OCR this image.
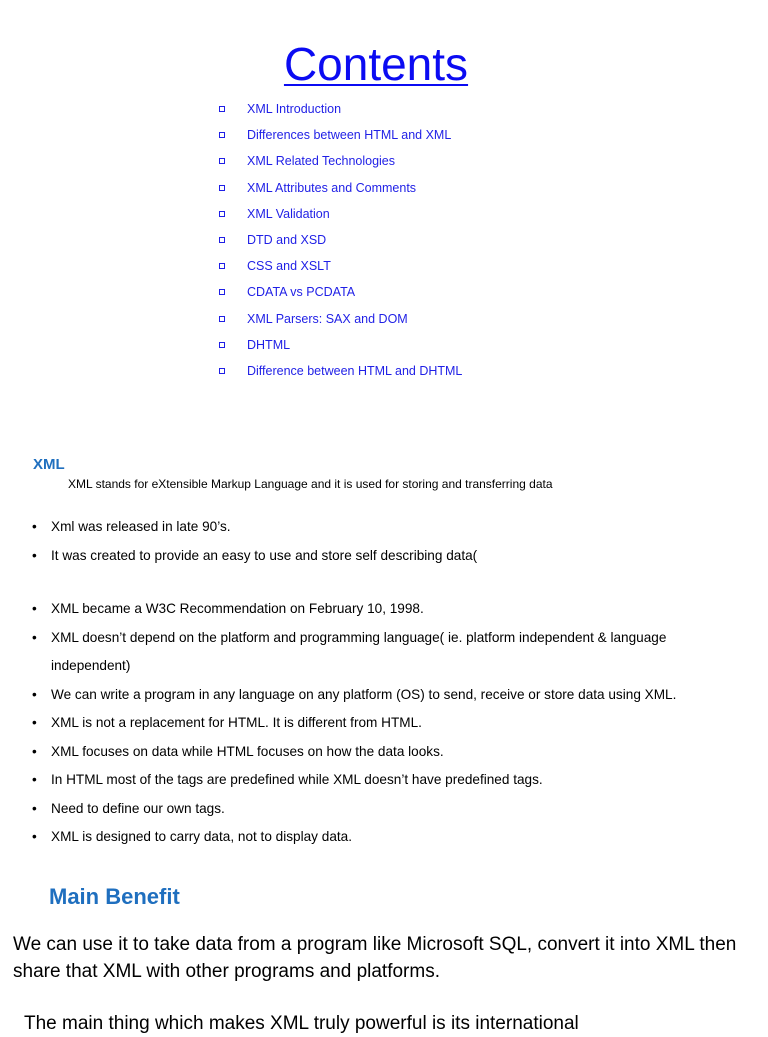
Contents
XML Introduction
Differences between HTML and XML
XML Related Technologies
XML Attributes and Comments
XML Validation
DTD and XSD
CSS and XSLT
CDATA vs PCDATA
XML Parsers: SAX and DOM
DHTML
Difference between HTML and DHTML
XML
XML stands for eXtensible Markup Language and it is used for storing and transferring data
• Xml was released in late 90’s.
• It was created to provide an easy to use and store self describing data(
• XML became a W3C Recommendation on February 10, 1998.
• XML doesn’t depend on the platform and programming language( ie. platform independent & language independent)
• We can write a program in any language on any platform (OS) to send, receive or store data using XML.
• XML is not a replacement for HTML. It is different from HTML.
• XML focuses on data while HTML focuses on how the data looks.
• In HTML most of the tags are predefined while XML doesn’t have predefined tags.
• Need to define our own tags.
• XML is designed to carry data, not to display data.
Main Benefit
We can use it to take data from a program like Microsoft SQL, convert it into XML then share that XML with other programs and platforms.
The main thing which makes XML truly powerful is its international
